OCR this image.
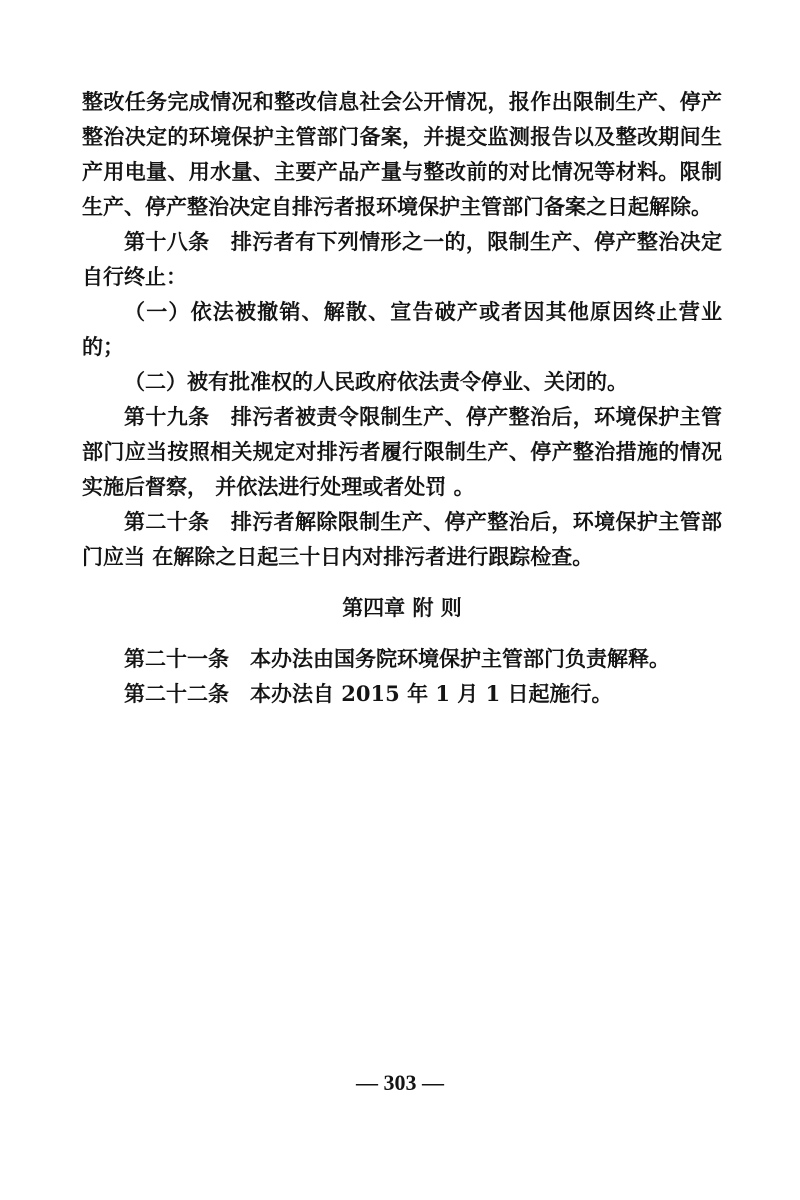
整改任务完成情况和整改信息社会公开情况，报作出限制生产、停产整治决定的环境保护主管部门备案，并提交监测报告以及整改期间生产用电量、用水量、主要产品产量与整改前的对比情况等材料。限制生产、停产整治决定自排污者报环境保护主管部门备案之日起解除。

第十八条　排污者有下列情形之一的，限制生产、停产整治决定自行终止：

（一）依法被撤销、解散、宣告破产或者因其他原因终止营业的；

（二）被有批准权的人民政府依法责令停业、关闭的。

第十九条　排污者被责令限制生产、停产整治后，环境保护主管部门应当按照相关规定对排污者履行限制生产、停产整治措施的情况实施后督察， 并依法进行处理或者处罚 。

第二十条　排污者解除限制生产、停产整治后，环境保护主管部门应当 在解除之日起三十日内对排污者进行跟踪检查。

第四章 附 则

第二十一条　本办法由国务院环境保护主管部门负责解释。

第二十二条　本办法自 2015 年 1 月 1 日起施行。

— 303 —
